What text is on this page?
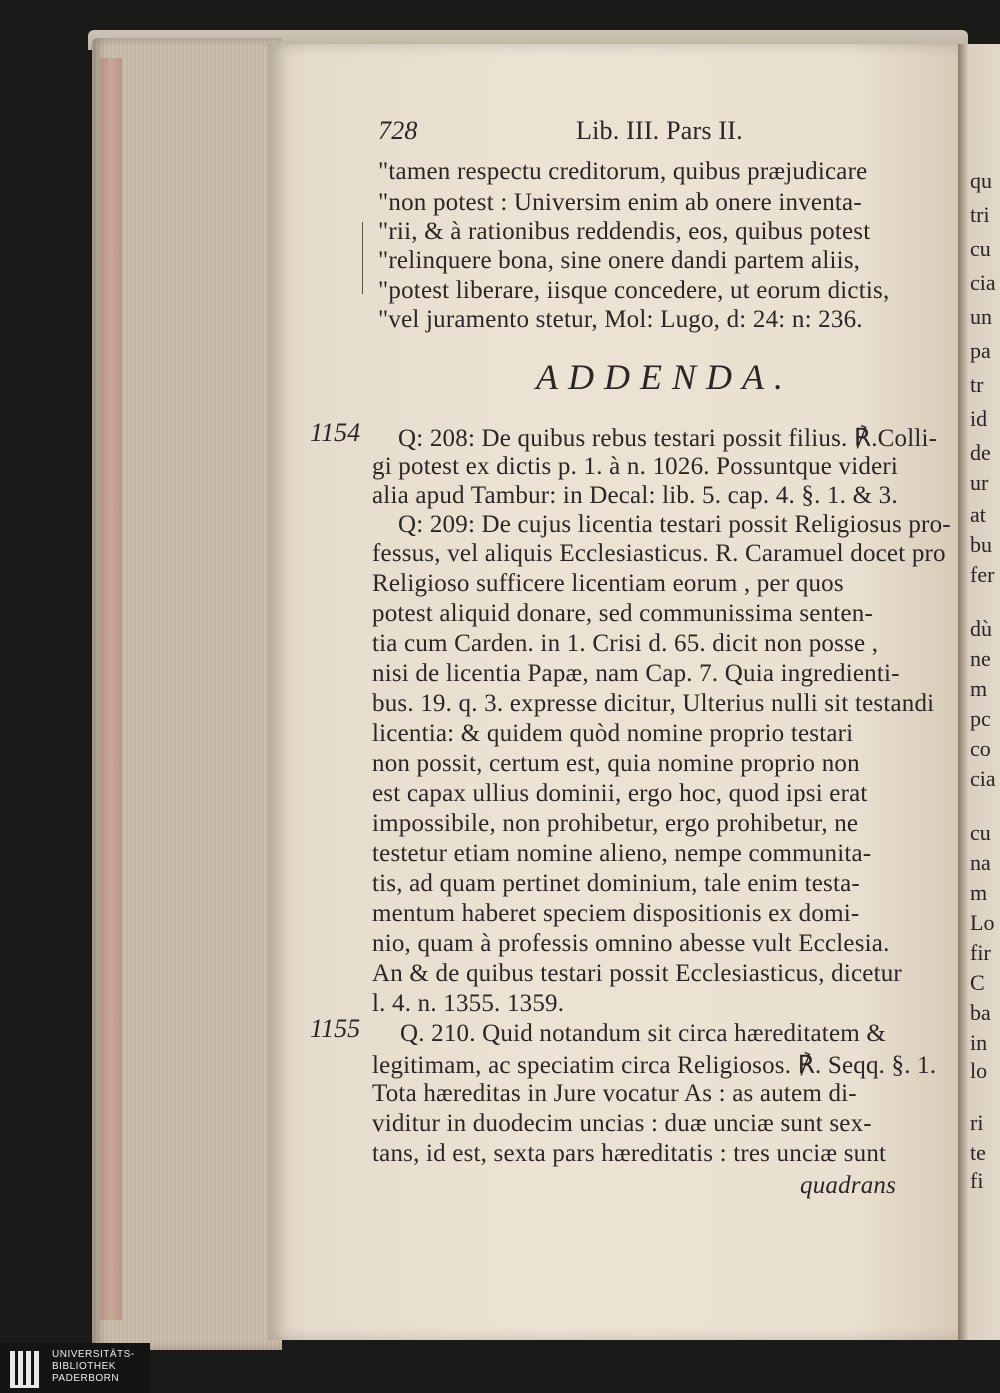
qu
tri
cu
cia
un
pa
tr
id
de
ur
at
bu
fer
dù
ne
m
pc
co
cia
cu
na
m
Lo
fir
C
ba
in
lo
ri
te
fi
728	Lib. III. Pars II.
"tamen respectu creditorum, quibus præjudicare
"non potest : Universim enim ab onere inventa-
"rii, & à rationibus reddendis, eos, quibus potest
"relinquere bona, sine onere dandi partem aliis,
"potest liberare, iisque concedere, ut eorum dictis,
"vel juramento stetur, Mol: Lugo, d: 24: n: 236.
ADDENDA.
1154
1155
Q: 208: De quibus rebus testari possit filius. ℟.Colli-
gi potest ex dictis p. 1. à n. 1026. Possuntque videri
alia apud Tambur: in Decal: lib. 5. cap. 4. §. 1. & 3.
Q: 209: De cujus licentia testari possit Religiosus pro-
fessus, vel aliquis Ecclesiasticus. R. Caramuel docet pro
Religioso sufficere licentiam eorum , per quos
potest aliquid donare, sed communissima senten-
tia cum Carden. in 1. Crisi d. 65. dicit non posse ,
nisi de licentia Papæ, nam Cap. 7. Quia ingredienti-
bus. 19. q. 3. expresse dicitur, Ulterius nulli sit testandi
licentia: & quidem quòd nomine proprio testari
non possit, certum est, quia nomine proprio non
est capax ullius dominii, ergo hoc, quod ipsi erat
impossibile, non prohibetur, ergo prohibetur, ne
testetur etiam nomine alieno, nempe communita-
tis, ad quam pertinet dominium, tale enim testa-
mentum haberet speciem dispositionis ex domi-
nio, quam à professis omnino abesse vult Ecclesia.
An & de quibus testari possit Ecclesiasticus, dicetur
l. 4. n. 1355. 1359.
Q. 210. Quid notandum sit circa hæreditatem &
legitimam, ac speciatim circa Religiosos. ℟. Seqq. §. 1.
Tota hæreditas in Jure vocatur As : as autem di-
viditur in duodecim uncias : duæ unciæ sunt sex-
tans, id est, sexta pars hæreditatis : tres unciæ sunt
quadrans
UNIVERSITÄTS-
BIBLIOTHEK
PADERBORN
